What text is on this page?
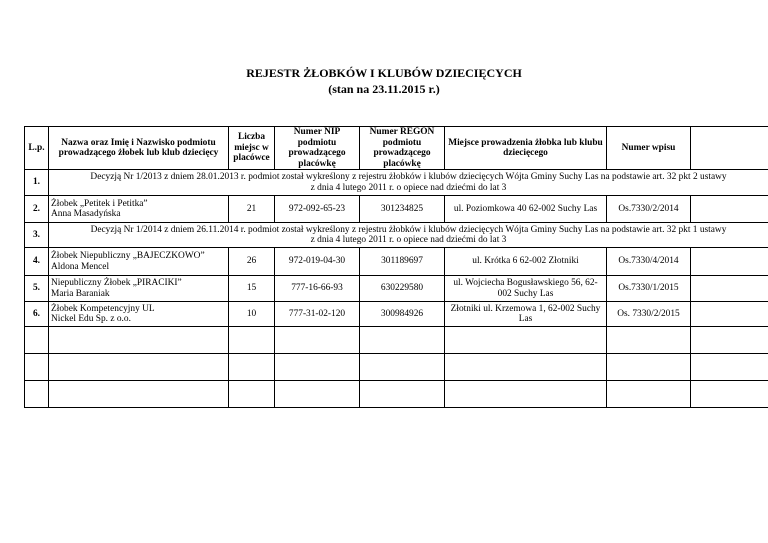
REJESTR ŻŁOBKÓW I KLUBÓW DZIECIĘCYCH
(stan na 23.11.2015 r.)
L.p.	Nazwa oraz Imię i Nazwisko podmiotu prowadzącego żłobek lub klub dziecięcy	Liczba miejsc w placówce	Numer NIP podmiotu prowadzącego placówkę	Numer REGON podmiotu prowadzącego placówkę	Miejsce prowadzenia żłobka lub klubu dziecięcego	Numer wpisu	
1.	Decyzją Nr 1/2013 z dniem 28.01.2013 r. podmiot został wykreślony z rejestru żłobków i klubów dziecięcych Wójta Gminy Suchy Las na podstawie art. 32 pkt 2 ustawy
z dnia 4 lutego 2011 r. o opiece nad dziećmi do lat 3						

2.	Żłobek „Petitek i Petitka”
Anna Masadyńska	21	972-092-65-23	301234825	ul. Poziomkowa 40 62-002 Suchy Las	Os.7330/2/2014	
3.	Decyzją Nr 1/2014 z dniem 26.11.2014 r. podmiot został wykreślony z rejestru żłobków i klubów dziecięcych Wójta Gminy Suchy Las na podstawie art. 32 pkt 1 ustawy
z dnia 4 lutego 2011 r. o opiece nad dziećmi do lat 3						

4.	Żłobek Niepubliczny „BAJECZKOWO”
Aldona Mencel	26	972-019-04-30	301189697	ul. Krótka 6 62-002 Złotniki	Os.7330/4/2014	
5.	Niepubliczny Żłobek „PIRACIKI”
Maria Baraniak	15	777-16-66-93	630229580	ul. Wojciecha Bogusławskiego 56, 62-002 Suchy Las	Os.7330/1/2015	
6.	Żłobek Kompetencyjny UL
Nickel Edu Sp. z o.o.	10	777-31-02-120	300984926	Złotniki ul. Krzemowa 1, 62-002 Suchy Las	Os. 7330/2/2015	
